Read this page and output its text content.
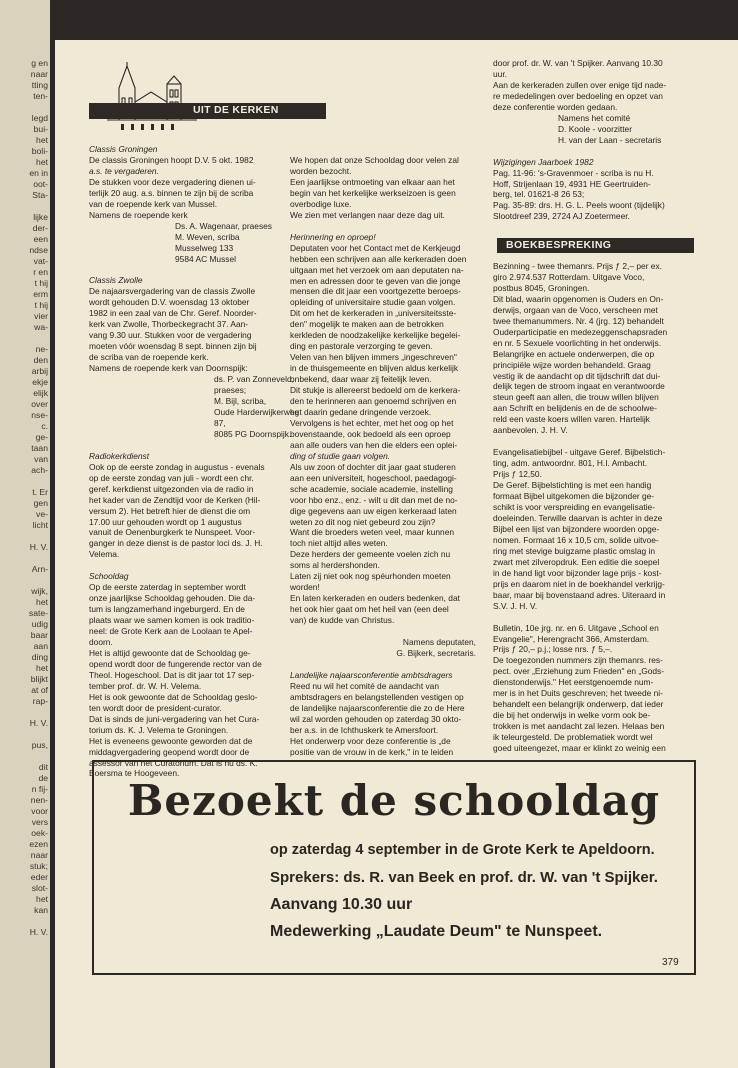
g en
naar
tting
ten-
legd
bui-
het
boli-
het
en in
oot-
Sta-
lijke
der-
een
ndse
vat-
r en
t hij
erm
t hij
vier
wa-
ne-
den
arbij
ekje
elijk
over
nse-
c.
ge-
taan
van
ach-
t. Er
gen
ve-
licht
H. V.
Arn-
wijk,
het
sate-
udig
baar
aan
ding
het
blijkt
at of
rap-
H. V.
pus,
dit
de
n fij-
nen-
voor
vers
oek-
ezen
naar
stuk;
eder
slot-
het
kan
H. V.
UIT DE KERKEN

Classis Groningen

De classis Groningen hoopt D.V. 5 okt. 1982

a.s. te vergaderen.

De stukken voor deze vergadering dienen ui-

terlijk 20 aug. a.s. binnen te zijn bij de scriba

van de roepende kerk van Mussel.

Namens de roepende kerk

Ds. A. Wagenaar, praeses

M. Weven, scriba

Musselweg 133

9584 AC Mussel

Classis Zwolle

De najaarsvergadering van de classis Zwolle

wordt gehouden D.V. woensdag 13 oktober

1982 in een zaal van de Chr. Geref. Noorder-

kerk van Zwolle, Thorbeckegracht 37. Aan-

vang 9.30 uur. Stukken voor de vergadering

moeten vóór woensdag 8 sept. binnen zijn bij

de scriba van de roepende kerk.

Namens de roepende kerk van Doornspijk:

ds. P. van Zonneveld, praeses;

M. Bijl, scriba,

Oude Harderwijkerweg 87,

8085 PG Doornspijk.

Radiokerkdienst

Ook op de eerste zondag in augustus - evenals

op de eerste zondag van juli - wordt een chr.

geref. kerkdienst uitgezonden via de radio in

het kader van de Zendtijd voor de Kerken (Hil-

versum 2). Het betreft hier de dienst die om

17.00 uur gehouden wordt op 1 augustus

vanuit de Oenenburgkerk te Nunspeet. Voor-

ganger in deze dienst is de pastor loci ds. J. H.

Velema.

Schooldag

Op de eerste zaterdag in september wordt

onze jaarlijkse Schooldag gehouden. Die da-

tum is langzamerhand ingeburgerd. En de

plaats waar we samen komen is ook traditio-

neel: de Grote Kerk aan de Loolaan te Apel-

doorn.

Het is altijd gewoonte dat de Schooldag ge-

opend wordt door de fungerende rector van de

Theol. Hogeschool. Dat is dit jaar tot 17 sep-

tember prof. dr. W. H. Velema.

Het is ook gewoonte dat de Schooldag geslo-

ten wordt door de president-curator.

Dat is sinds de juni-vergadering van het Cura-

torium ds. K. J. Velema te Groningen.

Het is eveneens gewoonte geworden dat de

middagvergadering geopend wordt door de

assessor van het Curatorium. Dat is nu ds. K.

Boersma te Hoogeveen.

We hopen dat onze Schooldag door velen zal

worden bezocht.

Een jaarlijkse ontmoeting van elkaar aan het

begin van het kerkelijke werkseizoen is geen

overbodige luxe.

We zien met verlangen naar deze dag uit.

Herinnering en oproep!

Deputaten voor het Contact met de Kerkjeugd

hebben een schrijven aan alle kerkeraden doen

uitgaan met het verzoek om aan deputaten na-

men en adressen door te geven van die jonge

mensen die dit jaar een voortgezette beroeps-

opleiding of universitaire studie gaan volgen.

Dit om het de kerkeraden in „universiteitsste-

den" mogelijk te maken aan de betrokken

kerkleden de noodzakelijke kerkelijke begelei-

ding en pastorale verzorging te geven.

Velen van hen blijven immers „ingeschreven"

in de thuisgemeente en blijven aldus kerkelijk

onbekend, daar waar zij feitelijk leven.

Dit stukje is allereerst bedoeld om de kerkera-

den te herinneren aan genoemd schrijven en

het daarin gedane dringende verzoek.

Vervolgens is het echter, met het oog op het

bovenstaande, ook bedoeld als een oproep

aan alle ouders van hen die elders een oplei-

ding of studie gaan volgen.

Als uw zoon of dochter dit jaar gaat studeren

aan een universiteit, hogeschool, paedagogi-

sche academie, sociale academie, instelling

voor hbo enz., enz. - wilt u dit dan met de no-

dige gegevens aan uw eigen kerkeraad laten

weten zo dit nog niet gebeurd zou zijn?

Want die broeders weten veel, maar kunnen

toch niet altijd alles weten.

Deze herders der gemeente voelen zich nu

soms al herdershonden.

Laten zij niet ook nog spéurhonden moeten

worden!

En laten kerkeraden en ouders bedenken, dat

het ook hier gaat om het heil van (een deel

van) de kudde van Christus.

Namens deputaten,

G. Bijkerk, secretaris.

Landelijke najaarsconferentie ambtsdragers

Reed nu wil het comité de aandacht van

ambtsdragers en belangstellenden vestigen op

de landelijke najaarsconferentie die zo de Here

wil zal worden gehouden op zaterdag 30 okto-

ber a.s. in de Ichthuskerk te Amersfoort.

Het onderwerp voor deze conferentie is „de

positie van de vrouw in de kerk," in te leiden

door prof. dr. W. van 't Spijker. Aanvang 10.30

uur.

Aan de kerkeraden zullen over enige tijd nade-

re mededelingen over bedoeling en opzet van

deze conferentie worden gedaan.

Namens het comité

D. Koole - voorzitter

H. van der Laan - secretaris

Wijzigingen Jaarboek 1982

Pag. 11-96: 's-Gravenmoer - scriba is nu H.

Hoff, Strijenlaan 19, 4931 HE Geertruiden-

berg, tel. 01621-8 26 53;

Pag. 35-89: drs. H. G. L. Peels woont (tijdelijk)

Slootdreef 239, 2724 AJ Zoetermeer.

BOEKBESPREKING

Bezinning - twee themanrs. Prijs ƒ 2,– per ex.

giro 2.974.537 Rotterdam. Uitgave Voco,

postbus 8045, Groningen.

Dit blad, waarin opgenomen is Ouders en On-

derwijs, orgaan van de Voco, verscheen met

twee themanummers. Nr. 4 (jrg. 12) behandelt

Ouderparticipatie en medezeggenschapsraden

en nr. 5 Sexuele voorlichting in het onderwijs.

Belangrijke en actuele onderwerpen, die op

principiële wijze worden behandeld. Graag

vestig ik de aandacht op dit tijdschrift dat dui-

delijk tegen de stroom ingaat en verantwoorde

steun geeft aan allen, die trouw willen blijven

aan Schrift en belijdenis en de de schoolwe-

reld een vaste koers willen varen. Hartelijk

aanbevolen. J. H. V.

Evangelisatiebijbel - uitgave Geref. Bijbelstich-

ting, adm. antwoordnr. 801, H.I. Ambacht.

Prijs ƒ 12,50.

De Geref. Bijbelstichting is met een handig

formaat Bijbel uitgekomen die bijzonder ge-

schikt is voor verspreiding en evangelisatie-

doeleinden. Terwille daarvan is achter in deze

Bijbel een lijst van bijzondere woorden opge-

nomen. Formaat 16 x 10,5 cm, solide uitvoe-

ring met stevige buigzame plastic omslag in

zwart met zilveropdruk. Een editie die soepel

in de hand ligt voor bijzonder lage prijs - kost-

prijs en daarom niet in de boekhandel verkrijg-

baar, maar bij bovenstaand adres. Uiteraard in

S.V. J. H. V.

Bulletin, 10e jrg. nr. en 6. Uitgave „School en

Evangelie", Herengracht 366, Amsterdam.

Prijs ƒ 20,– p.j.; losse nrs. ƒ 5,–.

De toegezonden nummers zijn themanrs. res-

pect. over „Erziehung zum Frieden" en „Gods-

dienstonderwijs." Het eerstgenoemde num-

mer is in het Duits geschreven; het tweede ni-

behandelt een belangrijk onderwerp, dat ieder

die bij het onderwijs in welke vorm ook be-

trokken is met aandacht zal lezen. Helaas ben

ik teleurgesteld. De problematiek wordt wel

goed uiteengezet, maar er klinkt zo weinig een

Bezoekt de schooldag
op zaterdag 4 september in de Grote Kerk te Apeldoorn.
Sprekers: ds. R. van Beek en prof. dr. W. van 't Spijker.
Aanvang 10.30 uur
Medewerking „Laudate Deum" te Nunspeet.
379
